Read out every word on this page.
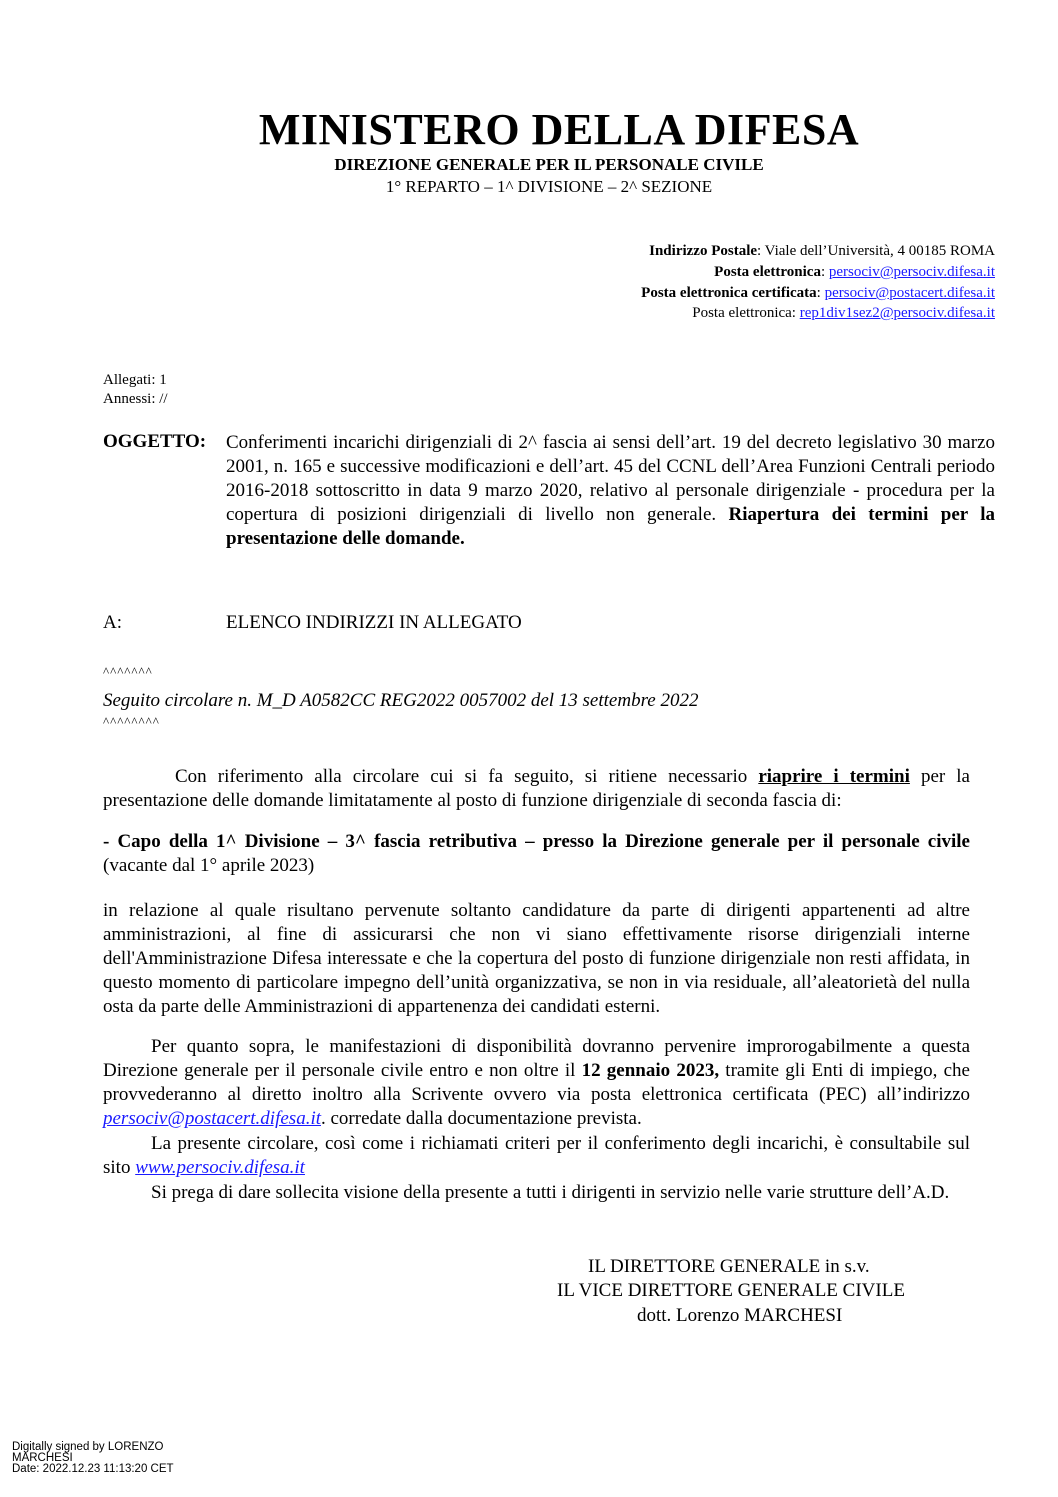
MINISTERO DELLA DIFESA
DIREZIONE GENERALE PER IL PERSONALE CIVILE
1° REPARTO – 1^ DIVISIONE – 2^ SEZIONE
Indirizzo Postale: Viale dell’Università, 4 00185 ROMA
Posta elettronica: persociv@persociv.difesa.it
Posta elettronica certificata: persociv@postacert.difesa.it
Posta elettronica: rep1div1sez2@persociv.difesa.it
Allegati: 1
Annessi: //
OGGETTO: Conferimenti incarichi dirigenziali di 2^ fascia ai sensi dell’art. 19 del decreto legislativo 30 marzo 2001, n. 165 e successive modificazioni e dell’art. 45 del CCNL dell’Area Funzioni Centrali periodo 2016-2018 sottoscritto in data 9 marzo 2020, relativo al personale dirigenziale - procedura per la copertura di posizioni dirigenziali di livello non generale. Riapertura dei termini per la presentazione delle domande.
A:	ELENCO INDIRIZZI IN ALLEGATO
^^^^^^^
Seguito circolare n. M_D A0582CC REG2022 0057002 del 13 settembre 2022
^^^^^^^^
Con riferimento alla circolare cui si fa seguito, si ritiene necessario riaprire i termini per la presentazione delle domande limitatamente al posto di funzione dirigenziale di seconda fascia di:
- Capo della 1^ Divisione – 3^ fascia retributiva – presso la Direzione generale per il personale civile (vacante dal 1° aprile 2023)
in relazione al quale risultano pervenute soltanto candidature da parte di dirigenti appartenenti ad altre amministrazioni, al fine di assicurarsi che non vi siano effettivamente risorse dirigenziali interne dell'Amministrazione Difesa interessate e che la copertura del posto di funzione dirigenziale non resti affidata, in questo momento di particolare impegno dell’unità organizzativa, se non in via residuale, all’aleatorietà del nulla osta da parte delle Amministrazioni di appartenenza dei candidati esterni.
Per quanto sopra, le manifestazioni di disponibilità dovranno pervenire improrogabilmente a questa Direzione generale per il personale civile entro e non oltre il 12 gennaio 2023, tramite gli Enti di impiego, che provvederanno al diretto inoltro alla Scrivente ovvero via posta elettronica certificata (PEC) all’indirizzo persociv@postacert.difesa.it. corredate dalla documentazione prevista.
La presente circolare, così come i richiamati criteri per il conferimento degli incarichi, è consultabile sul sito www.persociv.difesa.it
Si prega di dare sollecita visione della presente a tutti i dirigenti in servizio nelle varie strutture dell’A.D.
IL DIRETTORE GENERALE in s.v.
IL VICE DIRETTORE GENERALE CIVILE
dott. Lorenzo MARCHESI
Digitally signed by LORENZO
MARCHESI
Date: 2022.12.23 11:13:20 CET
